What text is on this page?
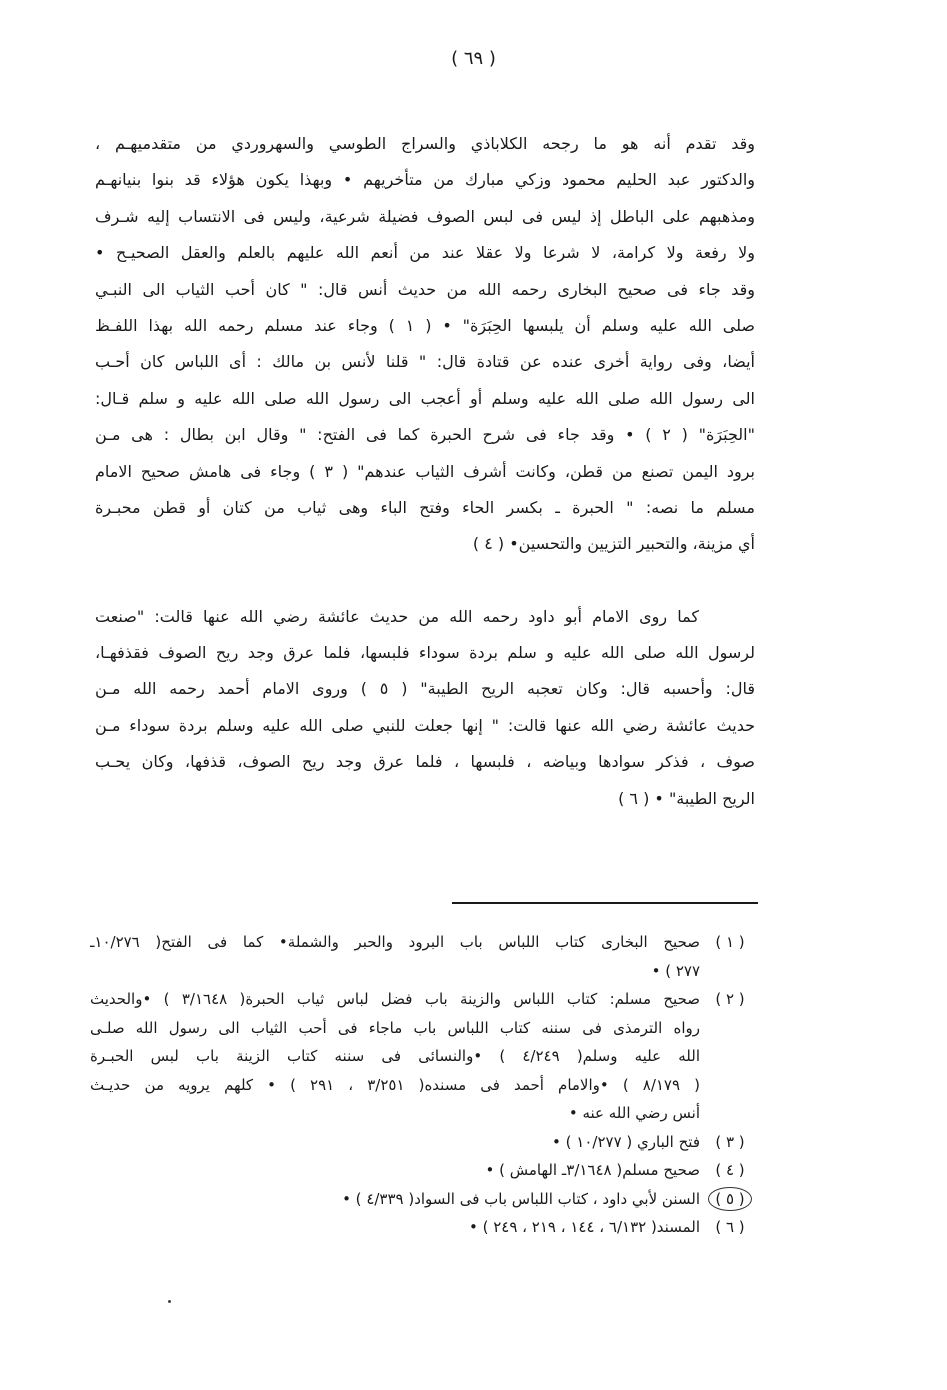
( ٦٩ )
وقد تقدم أنه هو ما رجحه الكلاباذي والسراج الطوسي والسهروردي من متقدميهـم ،
والدكتور عبد الحليم محمود وزكي مبارك من متأخريهم • وبهذا يكون هؤلاء قد بنوا بنيانهـم
ومذهبهم على الباطل إذ ليس فى لبس الصوف فضيلة شرعية، وليس فى الانتساب إليه شـرف
ولا رفعة ولا كرامة، لا شرعا ولا عقلا عند من أنعم الله عليهم بالعلم والعقل الصحيـح •
وقد جاء فى صحيح البخارى رحمه الله من حديث أنس قال: " كان أحب الثياب الى النبـي
صلى الله عليه وسلم أن يلبسها الحِبَرَة" • ( ١ ) وجاء عند مسلم رحمه الله بهذا اللفـظ
أيضا، وفى رواية أخرى عنده عن قتادة قال: " قلنا لأنس بن مالك : أى اللباس كان أحـب
الى رسول الله صلى الله عليه وسلم أو أعجب الى رسول الله صلى الله عليه و سلم قـال:
"الحِبَرَة" ( ٢ ) • وقد جاء فى شرح الحبرة كما فى الفتح: " وقال ابن بطال : هى مـن
برود اليمن تصنع من قطن، وكانت أشرف الثياب عندهم" ( ٣ ) وجاء فى هامش صحيح الامام
مسلم ما نصه: " الحبرة ـ بكسر الحاء وفتح الباء وهى ثياب من كتان أو قطن محبـرة
أي مزينة، والتحبير التزيين والتحسين• ( ٤ )
كما روى الامام أبو داود رحمه الله من حديث عائشة رضي الله عنها قالت: "صنعت
لرسول الله صلى الله عليه و سلم بردة سوداء فلبسها، فلما عرق وجد ريح الصوف فقذفهـا،
قال: وأحسبه قال: وكان تعجبه الريح الطيبة" ( ٥ ) وروى الامام أحمد رحمه الله مـن
حديث عائشة رضي الله عنها قالت: " إنها جعلت للنبي صلى الله عليه وسلم بردة سوداء مـن
صوف ، فذكر سوادها وبياضه ، فلبسها ، فلما عرق وجد ريح الصوف، قذفها، وكان يحـب
الريح الطيبة" • ( ٦ )
( ١ )
صحيح البخارى كتاب اللباس باب البرود والحبر والشملة• كما فى الفتح( ١٠/٢٧٦ـ
٢٧٧ ) •
( ٢ )
صحيح مسلم: كتاب اللباس والزينة باب فضل لباس ثياب الحبرة( ٣/١٦٤٨ ) •والحديث
رواه الترمذى فى سننه كتاب اللباس باب ماجاء فى أحب الثياب الى رسول الله صلـى
الله عليه وسلم( ٤/٢٤٩ ) •والنسائى فى سننه كتاب الزينة باب لبس الحبـرة
( ٨/١٧٩ ) •والامام أحمد فى مسنده( ٣/٢٥١ ، ٢٩١ ) • كلهم يرويه من حديـث
أنس رضي الله عنه •
( ٣ )
فتح الباري ( ١٠/٢٧٧ ) •
( ٤ )
صحيح مسلم( ٣/١٦٤٨ـ الهامش ) •
( ٥ )
السنن لأبي داود ، كتاب اللباس باب فى السواد( ٤/٣٣٩ ) •
( ٦ )
المسند( ٦/١٣٢ ، ١٤٤ ، ٢١٩ ، ٢٤٩ ) •
